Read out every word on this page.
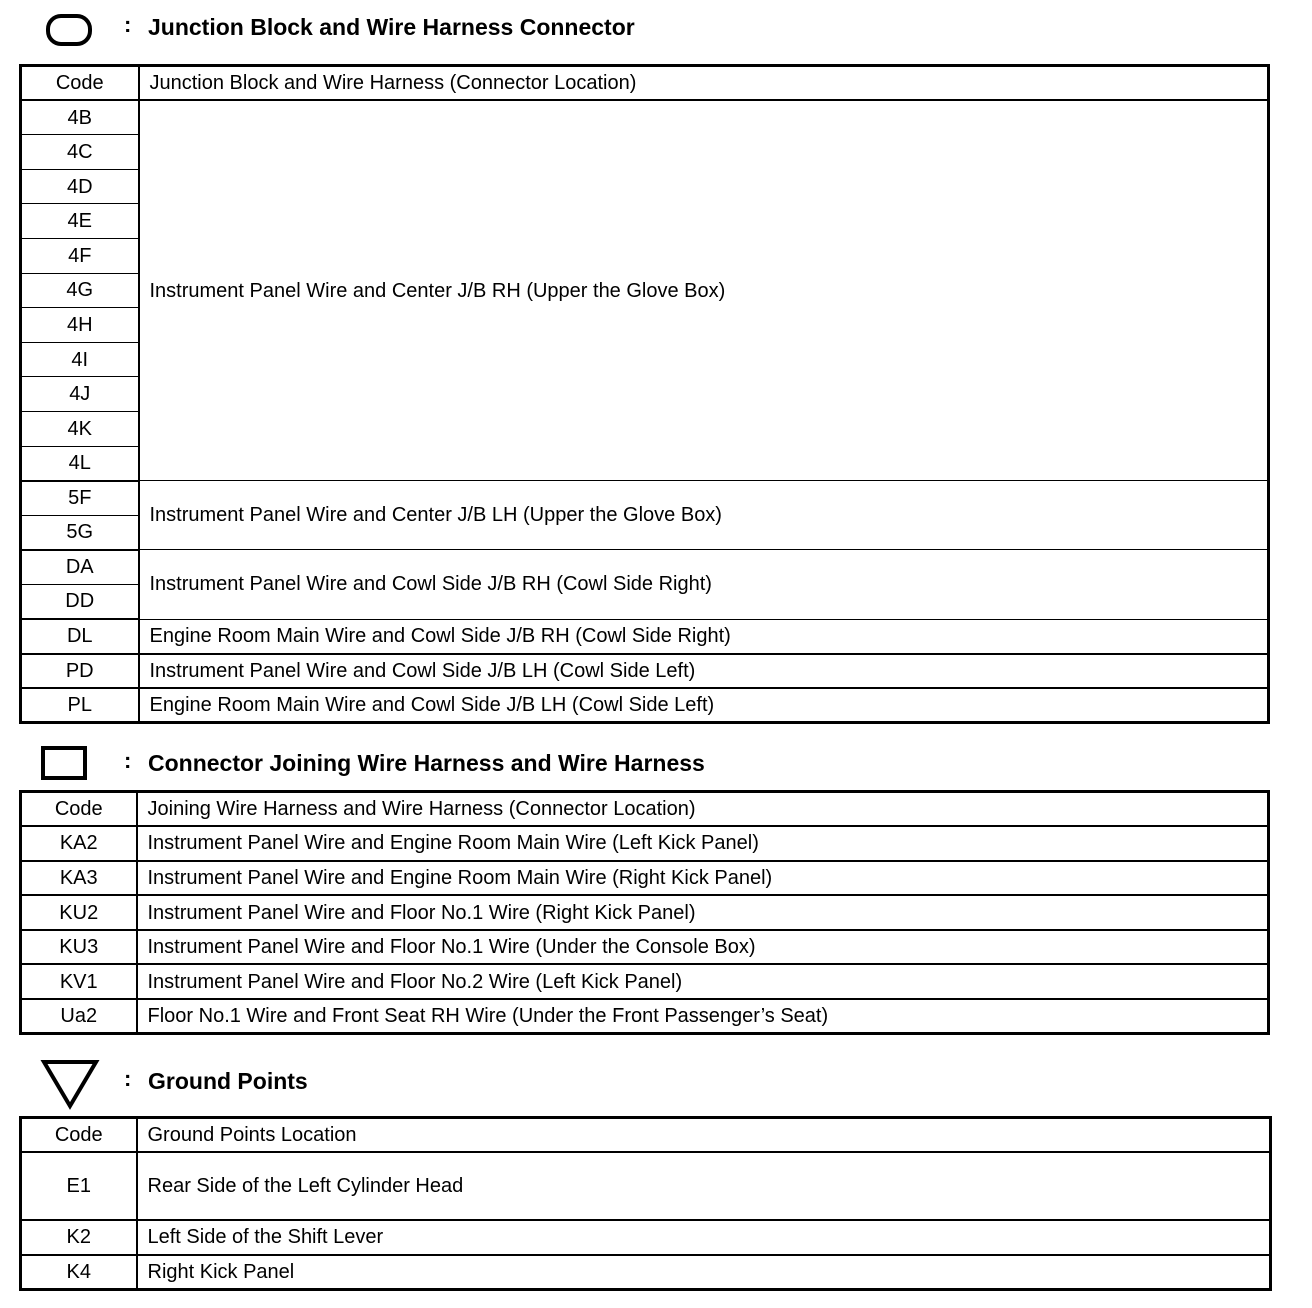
: Junction Block and Wire Harness Connector
Code	Junction Block and Wire Harness (Connector Location)
4B	Instrument Panel Wire and Center J/B RH (Upper the Glove Box)
4C	
4D	
4E	
4F	
4G	
4H	
4I	
4J	
4K	
4L	
5F	Instrument Panel Wire and Center J/B LH (Upper the Glove Box)
5G	
DA	Instrument Panel Wire and Cowl Side J/B RH (Cowl Side Right)
DD	
DL	Engine Room Main Wire and Cowl Side J/B RH (Cowl Side Right)
PD	Instrument Panel Wire and Cowl Side J/B LH (Cowl Side Left)
PL	Engine Room Main Wire and Cowl Side J/B LH (Cowl Side Left)
: Connector Joining Wire Harness and Wire Harness
Code	Joining Wire Harness and Wire Harness (Connector Location)
KA2	Instrument Panel Wire and Engine Room Main Wire (Left Kick Panel)
KA3	Instrument Panel Wire and Engine Room Main Wire (Right Kick Panel)
KU2	Instrument Panel Wire and Floor No.1 Wire (Right Kick Panel)
KU3	Instrument Panel Wire and Floor No.1 Wire (Under the Console Box)
KV1	Instrument Panel Wire and Floor No.2 Wire (Left Kick Panel)
Ua2	Floor No.1 Wire and Front Seat RH Wire (Under the Front Passenger’s Seat)
: Ground Points
Code	Ground Points Location
E1	Rear Side of the Left Cylinder Head
K2	Left Side of the Shift Lever
K4	Right Kick Panel
